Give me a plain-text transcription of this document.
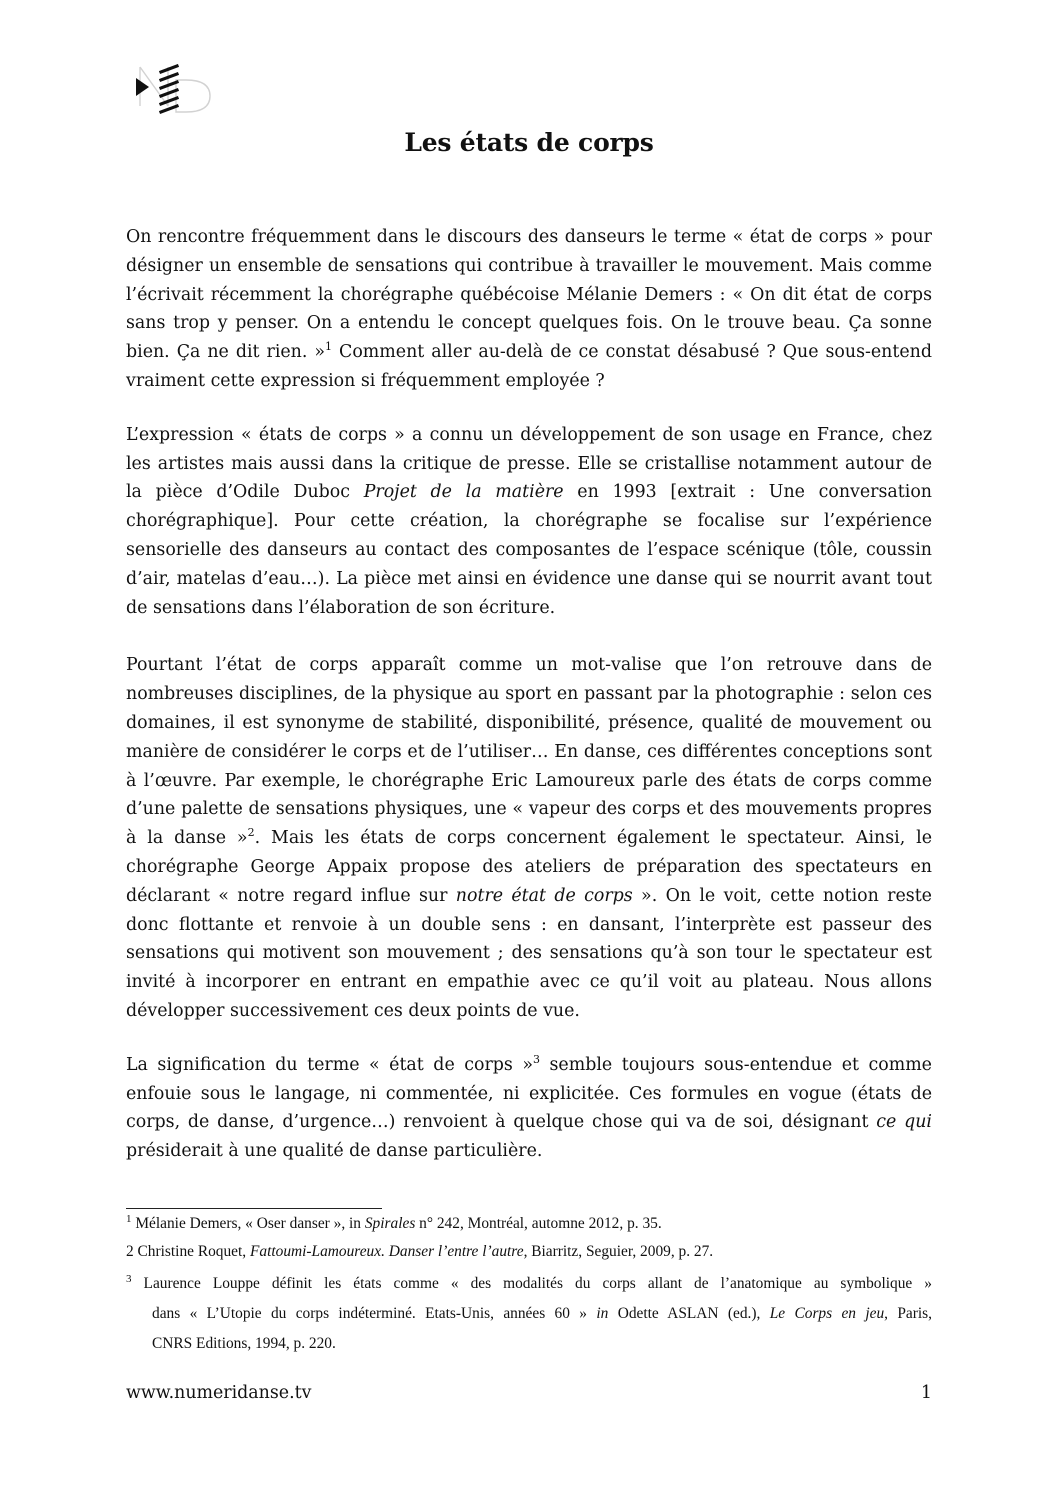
Les états de corps

On rencontre fréquemment dans le discours des danseurs le terme « état de corps » pour désigner un ensemble de sensations qui contribue à travailler le mouvement. Mais comme l’écrivait récemment la chorégraphe québécoise Mélanie Demers : « On dit état de corps sans trop y penser. On a entendu le concept quelques fois. On le trouve beau. Ça sonne bien. Ça ne dit rien. »$^1$ Comment aller au-delà de ce constat désabusé ? Que sous-entend vraiment cette expression si fréquemment employée ?

L’expression « états de corps » a connu un développement de son usage en France, chez les artistes mais aussi dans la critique de presse. Elle se cristallise notamment autour de la pièce d’Odile Duboc Projet de la matière en 1993 [extrait : Une conversation chorégraphique]. Pour cette création, la chorégraphe se focalise sur l’expérience sensorielle des danseurs au contact des composantes de l’espace scénique (tôle, coussin d’air, matelas d’eau…). La pièce met ainsi en évidence une danse qui se nourrit avant tout de sensations dans l’élaboration de son écriture.

Pourtant l’état de corps apparaît comme un mot-valise que l’on retrouve dans de nombreuses disciplines, de la physique au sport en passant par la photographie : selon ces domaines, il est synonyme de stabilité, disponibilité, présence, qualité de mouvement ou manière de considérer le corps et de l’utiliser… En danse, ces différentes conceptions sont à l’œuvre. Par exemple, le chorégraphe Eric Lamoureux parle des états de corps comme d’une palette de sensations physiques, une « vapeur des corps et des mouvements propres à la danse »$^2$. Mais les états de corps concernent également le spectateur. Ainsi, le chorégraphe George Appaix propose des ateliers de préparation des spectateurs en déclarant « notre regard influe sur notre état de corps ». On le voit, cette notion reste donc flottante et renvoie à un double sens : en dansant, l’interprète est passeur des sensations qui motivent son mouvement ; des sensations qu’à son tour le spectateur est invité à incorporer en entrant en empathie avec ce qu’il voit au plateau. Nous allons développer successivement ces deux points de vue.

La signification du terme « état de corps »$^3$ semble toujours sous-entendue et comme enfouie sous le langage, ni commentée, ni explicitée. Ces formules en vogue (états de corps, de danse, d’urgence…) renvoient à quelque chose qui va de soi, désignant ce qui présiderait à une qualité de danse particulière.

$^1$ Mélanie Demers, « Oser danser », in Spirales n° 242, Montréal, automne 2012, p. 35.
2 Christine Roquet, Fattoumi-Lamoureux. Danser l’entre l’autre, Biarritz, Seguier, 2009, p. 27.
$^3$ Laurence Louppe définit les états comme « des modalités du corps allant de l’anatomique au symbolique »
dans « L’Utopie du corps indéterminé. Etats-Unis, années 60 » in Odette ASLAN (ed.), Le Corps en jeu, Paris,
CNRS Editions, 1994, p. 220.
www.numeridanse.tv	1
